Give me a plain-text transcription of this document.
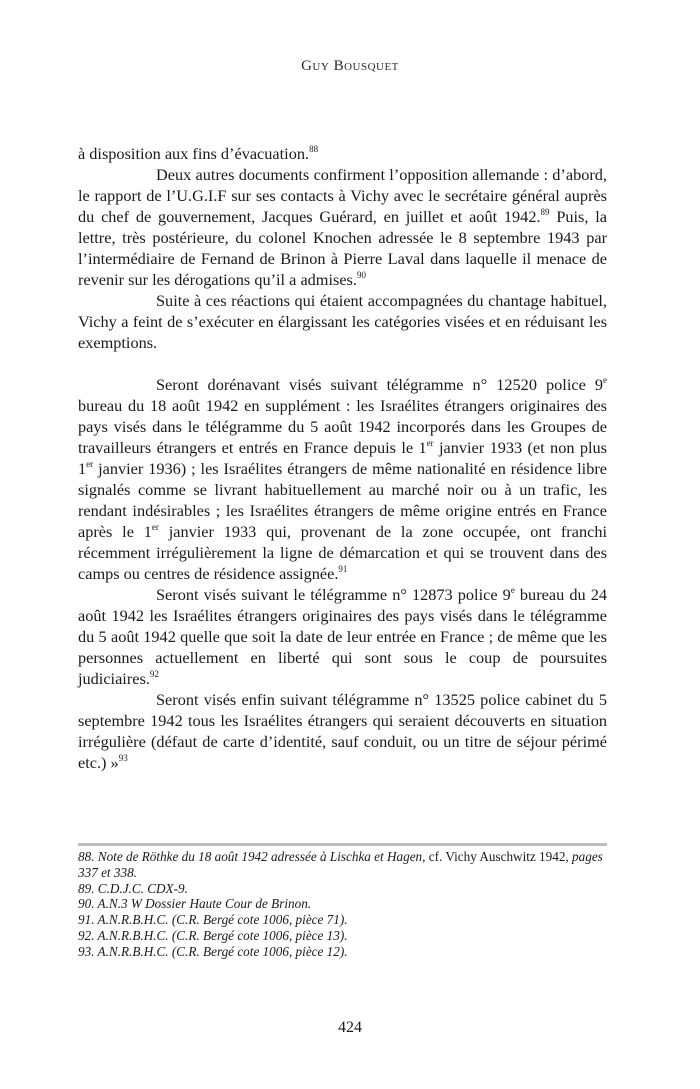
Guy Bousquet

à disposition aux fins d’évacuation.$^{88}$

Deux autres documents confirment l’opposition allemande : d’abord, le rapport de l’U.G.I.F sur ses contacts à Vichy avec le secrétaire général auprès du chef de gouvernement, Jacques Guérard, en juillet et août 1942.89 Puis, la lettre, très postérieure, du colonel Knochen adressée le 8 septembre 1943 par l’intermédiaire de Fernand de Brinon à Pierre Laval dans laquelle il menace de revenir sur les dérogations qu’il a admises.$^{90}$

Suite à ces réactions qui étaient accompagnées du chantage habituel, Vichy a feint de s’exécuter en élargissant les catégories visées et en réduisant les exemptions.

Seront dorénavant visés suivant télégramme n° 12520 police 9e bureau du 18 août 1942 en supplément : les Israélites étrangers originaires des pays visés dans le télégramme du 5 août 1942 incorporés dans les Groupes de travailleurs étrangers et entrés en France depuis le 1er janvier 1933 (et non plus 1er janvier 1936) ; les Israélites étrangers de même nationalité en résidence libre signalés comme se livrant habituellement au marché noir ou à un trafic, les rendant indésirables ; les Israélites étrangers de même origine entrés en France après le 1er janvier 1933 qui, provenant de la zone occupée, ont franchi récemment irrégulièrement la ligne de démarcation et qui se trouvent dans des camps ou centres de résidence assignée.$^{91}$

Seront visés suivant le télégramme n° 12873 police 9e bureau du 24 août 1942 les Israélites étrangers originaires des pays visés dans le télégramme du 5 août 1942 quelle que soit la date de leur entrée en France ; de même que les personnes actuellement en liberté qui sont sous le coup de poursuites judiciaires.$^{92}$

Seront visés enfin suivant télégramme n° 13525 police cabinet du 5 septembre 1942 tous les Israélites étrangers qui seraient découverts en situation irrégulière (défaut de carte d’identité, sauf conduit, ou un titre de séjour périmé etc.) »$^{93}$

88. Note de Röthke du 18 août 1942 adressée à Lischka et Hagen, cf. Vichy Auschwitz 1942, pages 337 et 338.

89. C.D.J.C. CDX-9.

90. A.N.3 W Dossier Haute Cour de Brinon.

91. A.N.R.B.H.C. (C.R. Bergé cote 1006, pièce 71).

92. A.N.R.B.H.C. (C.R. Bergé cote 1006, pièce 13).

93. A.N.R.B.H.C. (C.R. Bergé cote 1006, pièce 12).

424
